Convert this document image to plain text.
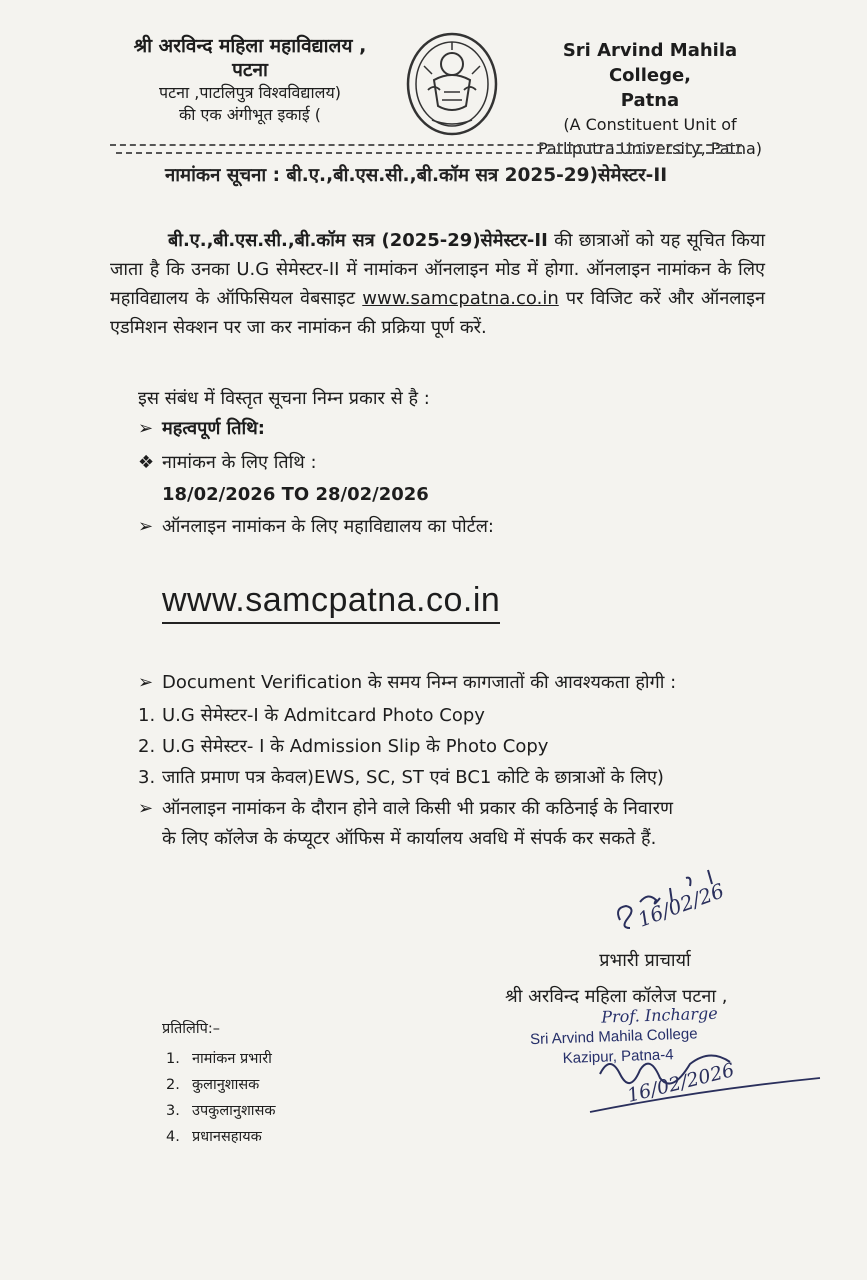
श्री अरविन्द महिला महाविद्यालय ,
पटना
पटना ,पाटलिपुत्र विश्वविद्यालय)
की एक अंगीभूत इकाई (
Sri Arvind Mahila College,
Patna
(A Constituent Unit of
Patliputra University, Patna)
नामांकन सूचना : बी.ए.,बी.एस.सी.,बी.कॉम सत्र 2025-29)सेमेस्टर-II
बी.ए.,बी.एस.सी.,बी.कॉम सत्र (2025-29)सेमेस्टर-II की छात्राओं को यह सूचित किया जाता है कि उनका U.G सेमेस्टर-II में नामांकन ऑनलाइन मोड में होगा. ऑनलाइन नामांकन के लिए महाविद्यालय के ऑफिसियल वेबसाइट www.samcpatna.co.in पर विजिट करें और ऑनलाइन एडमिशन सेक्शन पर जा कर नामांकन की प्रक्रिया पूर्ण करें.
इस संबंध में विस्तृत सूचना निम्न प्रकार से है :
➢ महत्वपूर्ण तिथि:
❖ नामांकन के लिए तिथि :
18/02/2026 TO 28/02/2026
➢ ऑनलाइन नामांकन के लिए महाविद्यालय का पोर्टल:
www.samcpatna.co.in
➢ Document Verification के समय निम्न कागजातों की आवश्यकता होगी :
1. U.G सेमेस्टर-I के Admitcard Photo Copy
2. U.G सेमेस्टर- I के Admission Slip के Photo Copy
3. जाति प्रमाण पत्र केवल)EWS, SC, ST एवं BC1 कोटि के छात्राओं के लिए)
➢ ऑनलाइन नामांकन के दौरान होने वाले किसी भी प्रकार की कठिनाई के निवारण
के लिए कॉलेज के कंप्यूटर ऑफिस में कार्यालय अवधि में संपर्क कर सकते हैं.
16/02/26
प्रभारी प्राचार्या
श्री अरविन्द महिला कॉलेज पटना ,
Prof. Incharge
Sri Arvind Mahila College
Kazipur, Patna-4
16/02/2026
प्रतिलिपि:–
1. नामांकन प्रभारी
2. कुलानुशासक
3. उपकुलानुशासक
4. प्रधानसहायक
